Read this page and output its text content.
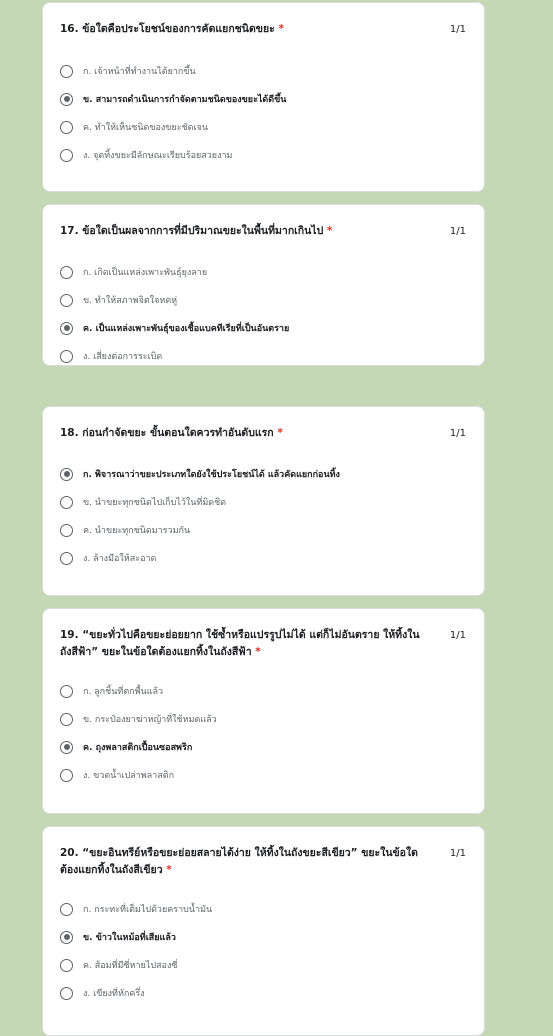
16. ข้อใดคือประโยชน์ของการคัดแยกชนิดขยะ *	1/1
ก. เจ้าหน้าที่ทำงานได้ยากขึ้น
ข. สามารถดำเนินการกำจัดตามชนิดของขยะได้ดีขึ้น
ค. ทำให้เห็นชนิดของขยะชัดเจน
ง. จุดทิ้งขยะมีลักษณะเรียบร้อยสวยงาม
17. ข้อใดเป็นผลจากการที่มีปริมาณขยะในพื้นที่มากเกินไป *	1/1
ก. เกิดเป็นแหล่งเพาะพันธุ์ยุงลาย
ข. ทำให้สภาพจิตใจหดหู่
ค. เป็นแหล่งเพาะพันธุ์ของเชื้อแบคทีเรียที่เป็นอันตราย
ง. เสี่ยงต่อการระเบิด
18. ก่อนกำจัดขยะ ขั้นตอนใดควรทำอันดับแรก *	1/1
ก. พิจารณาว่าขยะประเภทใดยังใช้ประโยชน์ได้ แล้วคัดแยกก่อนทิ้ง
ข. นำขยะทุกชนิดไปเก็บไว้ในที่มิดชิด
ค. นำขยะทุกชนิดมารวมกัน
ง. ล้างมือให้สะอาด
19. “ขยะทั่วไปคือขยะย่อยยาก ใช้ซ้ำหรือแปรรูปไม่ได้ แต่ก็ไม่อันตราย ให้ทิ้งในถังสีฟ้า” ขยะในข้อใดต้องแยกทิ้งในถังสีฟ้า *
1/1
ก. ลูกชิ้นที่ตกพื้นแล้ว
ข. กระป๋องยาฆ่าหญ้าที่ใช้หมดแล้ว
ค. ถุงพลาสติกเปื้อนซอสพริก
ง. ขวดน้ำเปล่าพลาสติก
20. “ขยะอินทรีย์หรือขยะย่อยสลายได้ง่าย ให้ทิ้งในถังขยะสีเขียว” ขยะในข้อใดต้องแยกทิ้งในถังสีเขียว *
1/1
ก. กระทะที่เต็มไปด้วยคราบน้ำมัน
ข. ข้าวในหม้อที่เสียแล้ว
ค. ส้อมที่มีซี่หายไปสองซี่
ง. เขียงที่หักครึ่ง
